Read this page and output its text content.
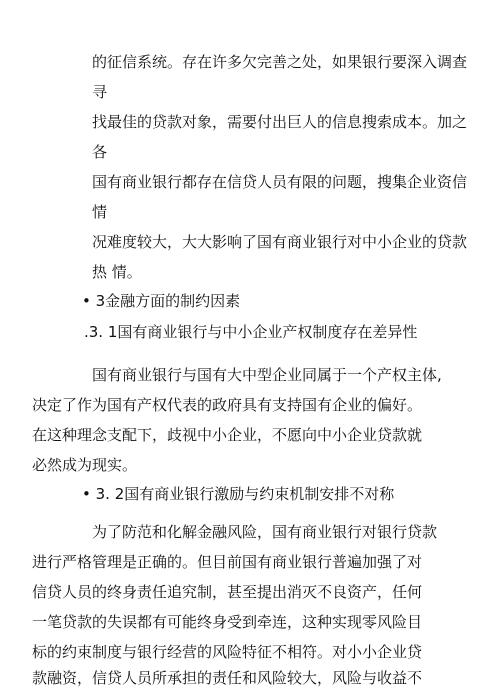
的征信系统。存在许多欠完善之处，如果银行要深入调查
寻
找最佳的贷款对象，需要付出巨人的信息搜索成本。加之
各
国有商业银行都存在信贷人员有限的问题，搜集企业资信
情
况难度较大，大大影响了国有商业银行对中小企业的贷款
热 情。
• 3金融方面的制约因素
.3. 1国有商业银行与中小企业产权制度存在差异性
国有商业银行与国有大中型企业同属于一个产权主体,
决定了作为国有产权代表的政府具有支持国有企业的偏好。
在这种理念支配下，歧视中小企业，不愿向中小企业贷款就
必然成为现实。
• 3. 2国有商业银行激励与约束机制安排不对称
为了防范和化解金融风险，国有商业银行对银行贷款
进行严格管理是正确的。但目前国有商业银行普遍加强了对
信贷人员的终身责任追究制，甚至提出消灭不良资产，任何
一笔贷款的失误都有可能终身受到牵连，这种实现零风险目
标的约束制度与银行经营的风险特征不相符。对小小企业贷
款融资，信贷人员所承担的责任和风险较大，风险与收益不
